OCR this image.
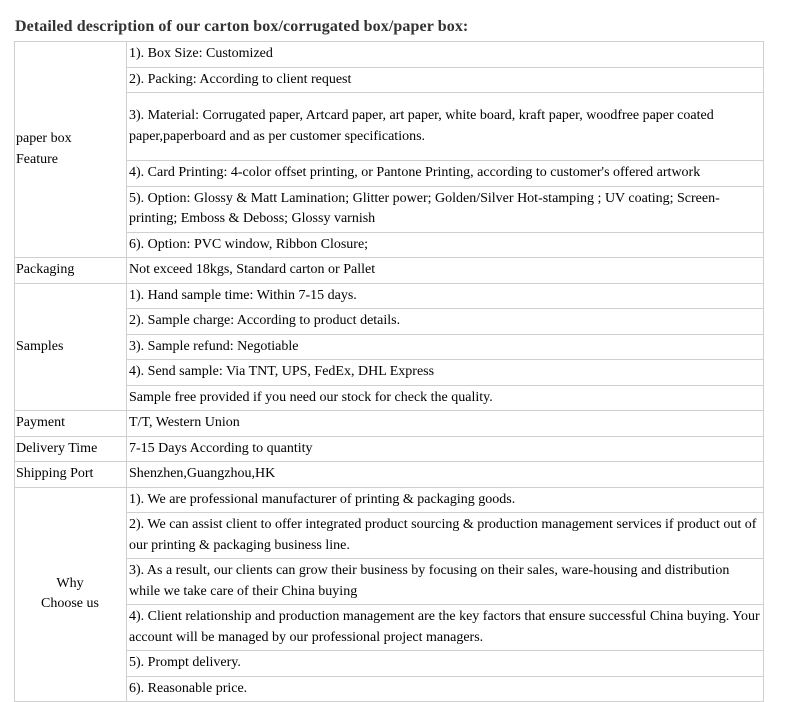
Detailed description of our carton box/corrugated box/paper box:
paper box
Feature	1). Box Size: Customized
	2). Packing: According to client request
	3). Material: Corrugated paper, Artcard paper, art paper, white board, kraft paper, woodfree paper coated paper,paperboard and as per customer specifications.
	4). Card Printing: 4-color offset printing, or Pantone Printing, according to customer's offered artwork
	5). Option: Glossy & Matt Lamination; Glitter power; Golden/Silver Hot-stamping ; UV coating; Screen-printing; Emboss & Deboss; Glossy varnish
	6). Option: PVC window, Ribbon Closure;
Packaging	Not exceed 18kgs, Standard carton or Pallet
Samples	1). Hand sample time: Within 7-15 days.
	2). Sample charge: According to product details.
	3). Sample refund: Negotiable
	4). Send sample: Via TNT, UPS, FedEx, DHL Express
	Sample free provided if you need our stock for check the quality.
Payment	T/T, Western Union
Delivery Time	7-15 Days According to quantity
Shipping Port	Shenzhen,Guangzhou,HK
Why
Choose us	1). We are professional manufacturer of printing & packaging goods.
	2). We can assist client to offer integrated product sourcing & production management services if product out of our printing & packaging business line.
	3). As a result, our clients can grow their business by focusing on their sales, ware-housing and distribution while we take care of their China buying
	4). Client relationship and production management are the key factors that ensure successful China buying. Your account will be managed by our professional project managers.
	5). Prompt delivery.
	6). Reasonable price.
